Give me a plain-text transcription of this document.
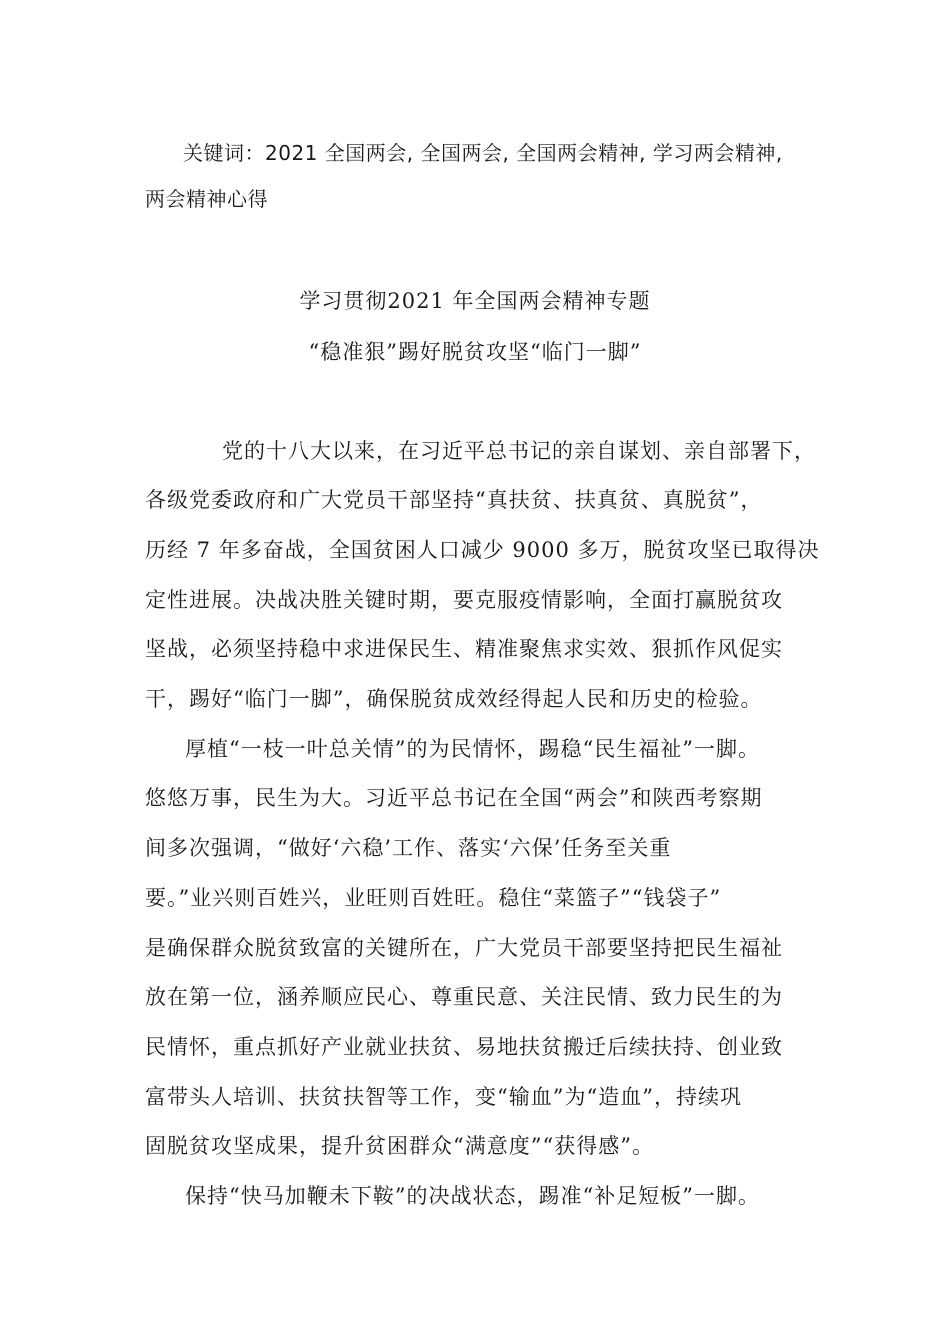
关键词：2021 全国两会, 全国两会, 全国两会精神, 学习两会精神,
两会精神心得
学习贯彻2021 年全国两会精神专题
“稳准狠”踢好脱贫攻坚“临门一脚”
党的十八大以来，在习近平总书记的亲自谋划、亲自部署下，
各级党委政府和广大党员干部坚持“真扶贫、扶真贫、真脱贫”，
历经 7 年多奋战，全国贫困人口减少 9000 多万，脱贫攻坚已取得决
定性进展。决战决胜关键时期，要克服疫情影响，全面打赢脱贫攻
坚战，必须坚持稳中求进保民生、精准聚焦求实效、狠抓作风促实
干，踢好“临门一脚”，确保脱贫成效经得起人民和历史的检验。
厚植“一枝一叶总关情”的为民情怀，踢稳“民生福祉”一脚。
悠悠万事，民生为大。习近平总书记在全国“两会”和陕西考察期
间多次强调，“做好‘六稳’工作、落实‘六保’任务至关重
要。”业兴则百姓兴，业旺则百姓旺。稳住“菜篮子”“钱袋子”
是确保群众脱贫致富的关键所在，广大党员干部要坚持把民生福祉
放在第一位，涵养顺应民心、尊重民意、关注民情、致力民生的为
民情怀，重点抓好产业就业扶贫、易地扶贫搬迁后续扶持、创业致
富带头人培训、扶贫扶智等工作，变“输血”为“造血”，持续巩
固脱贫攻坚成果，提升贫困群众“满意度”“获得感”。
保持“快马加鞭未下鞍”的决战状态，踢准“补足短板”一脚。
